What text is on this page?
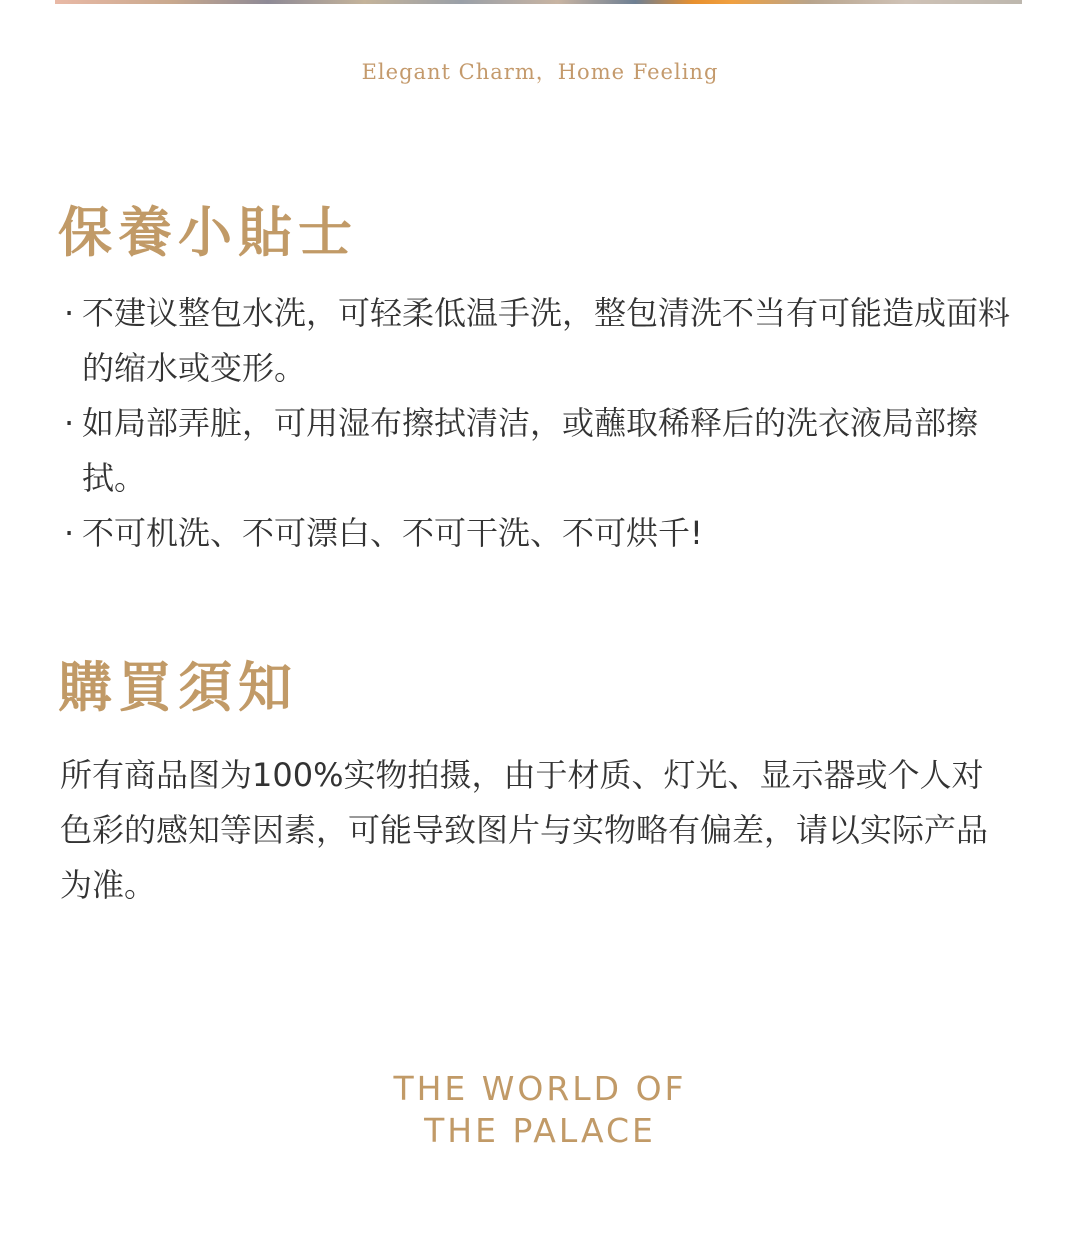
Elegant Charm，Home Feeling
保養小貼士
· 不建议整包水洗，可轻柔低温手洗，整包清洗不当有可能造成面料的缩水或变形。
· 如局部弄脏，可用湿布擦拭清洁，或蘸取稀释后的洗衣液局部擦拭。
· 不可机洗、不可漂白、不可干洗、不可烘千!
購買須知

所有商品图为100%实物拍摄，由于材质、灯光、显示器或个人对色彩的感知等因素，可能导致图片与实物略有偏差，请以实际产品为准。

THE WORLD OF
THE PALACE
